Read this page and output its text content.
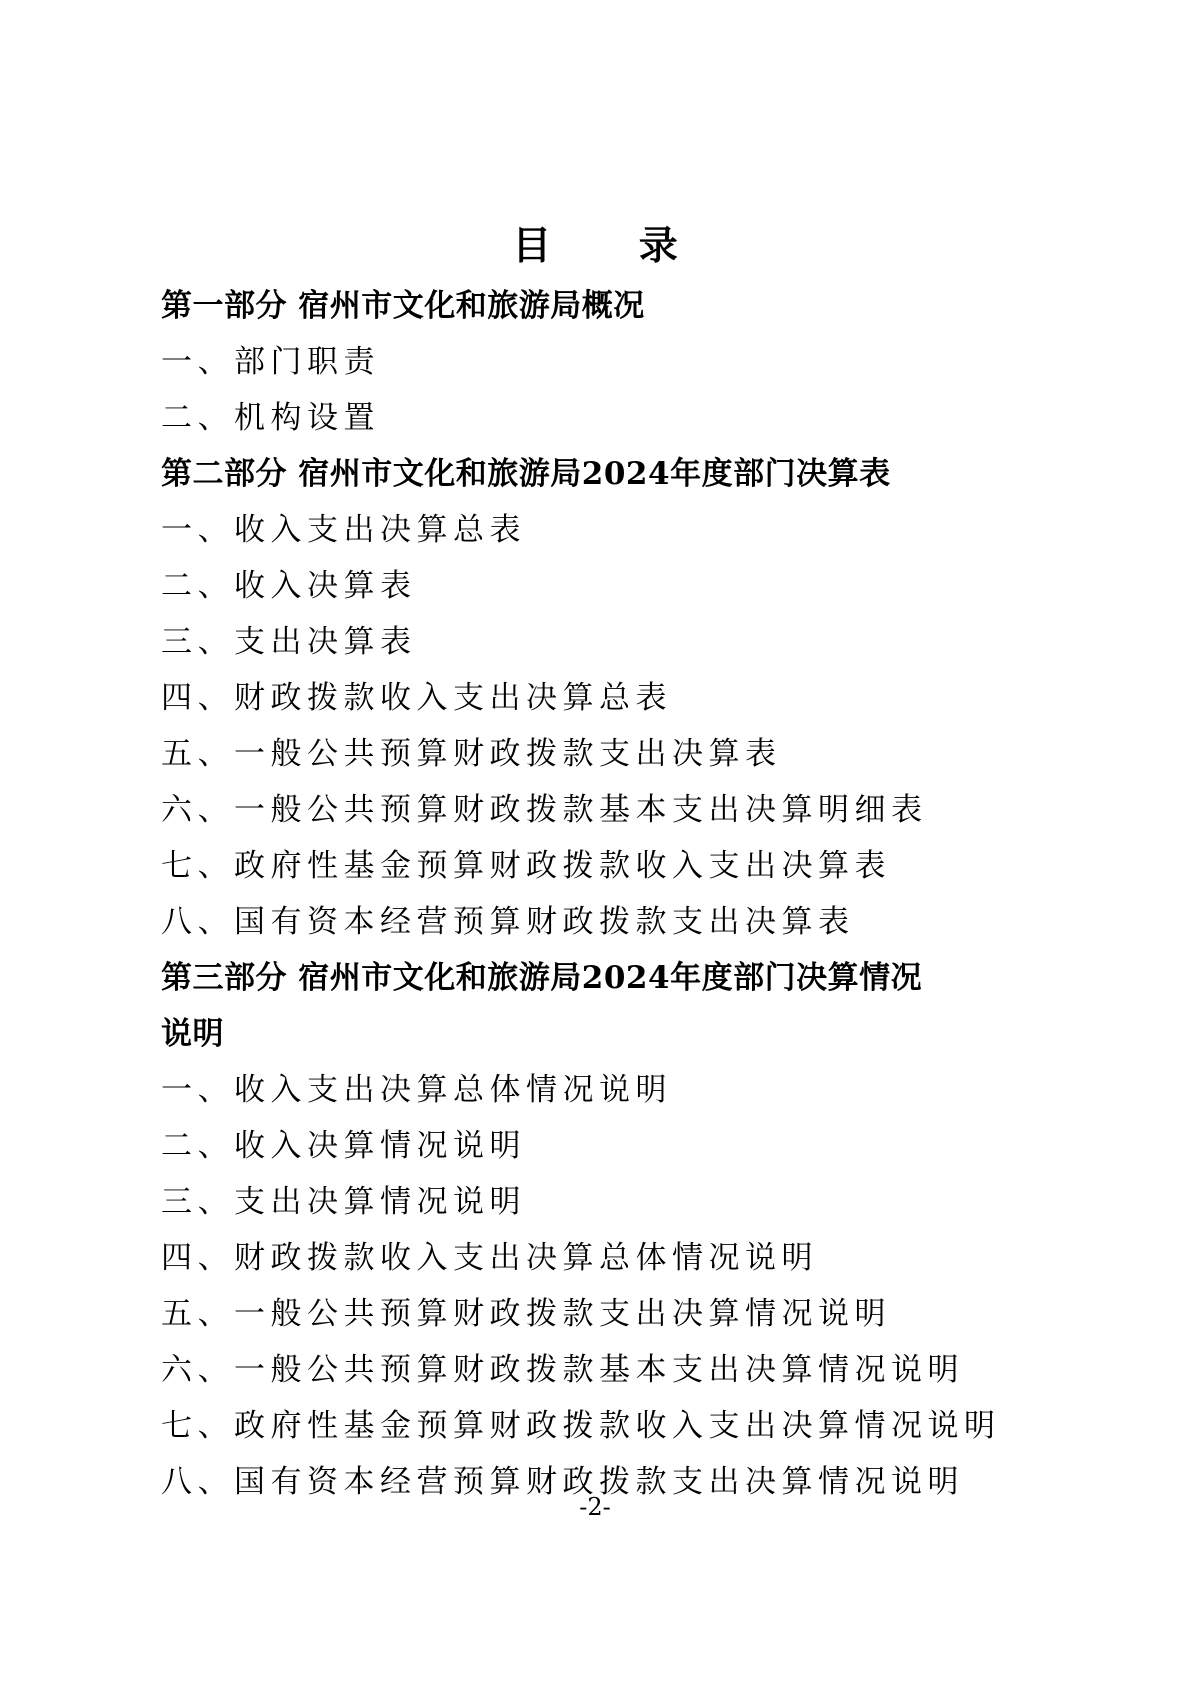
目 录
第一部分 宿州市文化和旅游局概况
一、部门职责
二、机构设置
第二部分 宿州市文化和旅游局2024年度部门决算表
一、收入支出决算总表
二、收入决算表
三、支出决算表
四、财政拨款收入支出决算总表
五、一般公共预算财政拨款支出决算表
六、一般公共预算财政拨款基本支出决算明细表
七、政府性基金预算财政拨款收入支出决算表
八、国有资本经营预算财政拨款支出决算表
第三部分 宿州市文化和旅游局2024年度部门决算情况
说明
一、收入支出决算总体情况说明
二、收入决算情况说明
三、支出决算情况说明
四、财政拨款收入支出决算总体情况说明
五、一般公共预算财政拨款支出决算情况说明
六、一般公共预算财政拨款基本支出决算情况说明
七、政府性基金预算财政拨款收入支出决算情况说明
八、国有资本经营预算财政拨款支出决算情况说明
-2-
